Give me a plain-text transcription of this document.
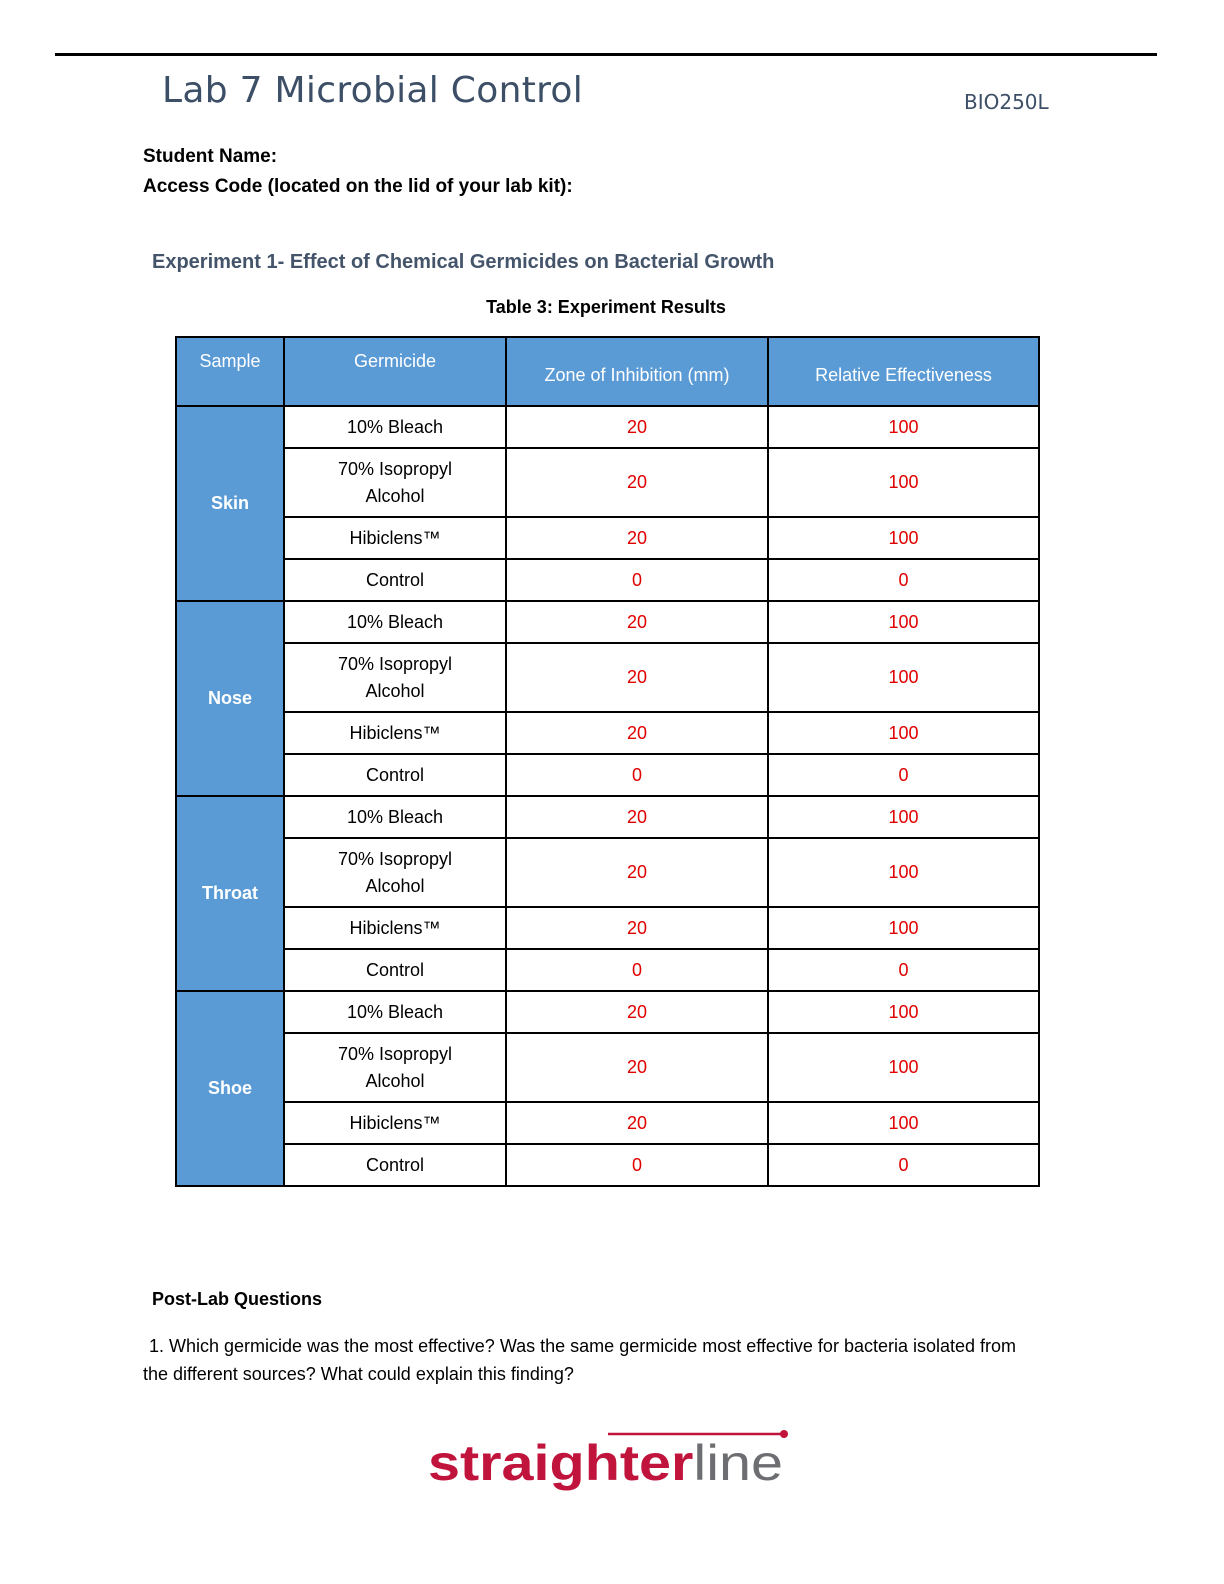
Lab 7 Microbial Control	BIO250L
Student Name:
Access Code (located on the lid of your lab kit):
Experiment 1- Effect of Chemical Germicides on Bacterial Growth
Table 3: Experiment Results
Sample	Germicide	Zone of Inhibition (mm)	Relative Effectiveness
Skin	10% Bleach	20	100
	70% Isopropyl Alcohol	20	100
	Hibiclens™	20	100
	Control	0	0
Nose	10% Bleach	20	100
	70% Isopropyl Alcohol	20	100
	Hibiclens™	20	100
	Control	0	0
Throat	10% Bleach	20	100
	70% Isopropyl Alcohol	20	100
	Hibiclens™	20	100
	Control	0	0
Shoe	10% Bleach	20	100
	70% Isopropyl Alcohol	20	100
	Hibiclens™	20	100
	Control	0	0
Post-Lab Questions
1. Which germicide was the most effective? Was the same germicide most effective for bacteria isolated from the different sources? What could explain this finding?
straighter line
